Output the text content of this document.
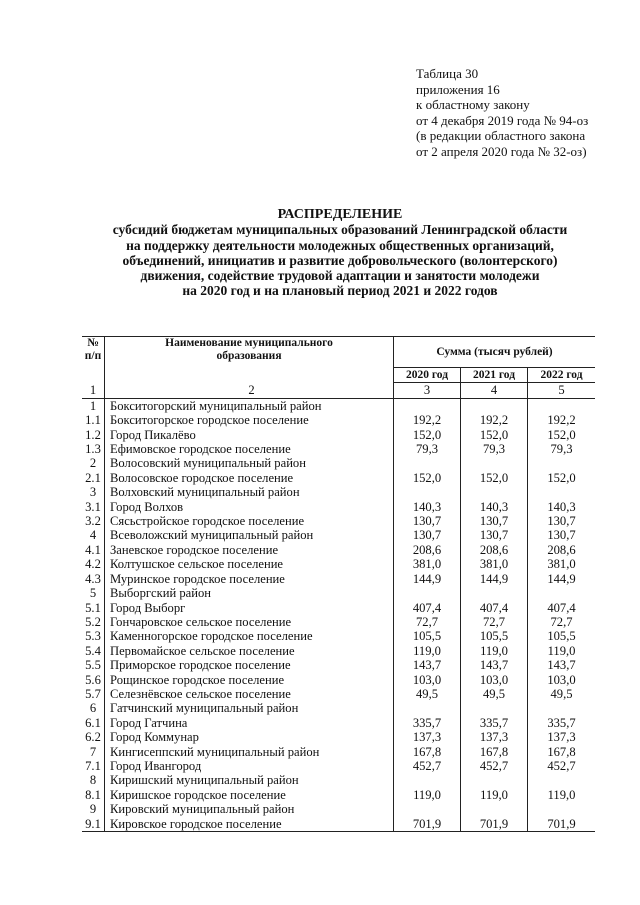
Таблица 30
приложения 16
к областному закону
от 4 декабря 2019 года № 94-оз
(в редакции областного закона
от 2 апреля 2020 года № 32-оз)
РАСПРЕДЕЛЕНИЕ
субсидий бюджетам муниципальных образований Ленинградской области
на поддержку деятельности молодежных общественных организаций,
объединений, инициатив и развитие добровольческого (волонтерского)
движения, содействие трудовой адаптации и занятости молодежи
на 2020 год и на плановый период 2021 и 2022 годов
№ п/п	Наименование муниципального образования	Сумма (тысяч рублей)		
		2020 год	2021 год	2022 год
1	2	3	4	5
1	Бокситогорский муниципальный район			
1.1	Бокситогорское городское поселение	192,2	192,2	192,2
1.2	Город Пикалёво	152,0	152,0	152,0
1.3	Ефимовское городское поселение	79,3	79,3	79,3
2	Волосовский муниципальный район			
2.1	Волосовское городское поселение	152,0	152,0	152,0
3	Волховский муниципальный район			
3.1	Город Волхов	140,3	140,3	140,3
3.2	Сясьстройское городское поселение	130,7	130,7	130,7
4	Всеволожский муниципальный район	130,7	130,7	130,7
4.1	Заневское городское поселение	208,6	208,6	208,6
4.2	Колтушское сельское поселение	381,0	381,0	381,0
4.3	Муринское городское поселение	144,9	144,9	144,9
5	Выборгский район			
5.1	Город Выборг	407,4	407,4	407,4
5.2	Гончаровское сельское поселение	72,7	72,7	72,7
5.3	Каменногорское городское поселение	105,5	105,5	105,5
5.4	Первомайское сельское поселение	119,0	119,0	119,0
5.5	Приморское городское поселение	143,7	143,7	143,7
5.6	Рощинское городское поселение	103,0	103,0	103,0
5.7	Селезнёвское сельское поселение	49,5	49,5	49,5
6	Гатчинский муниципальный район			
6.1	Город Гатчина	335,7	335,7	335,7
6.2	Город Коммунар	137,3	137,3	137,3
7	Кингисеппский муниципальный район	167,8	167,8	167,8
7.1	Город Ивангород	452,7	452,7	452,7
8	Киришский муниципальный район			
8.1	Киришское городское поселение	119,0	119,0	119,0
9	Кировский муниципальный район			
9.1	Кировское городское поселение	701,9	701,9	701,9
